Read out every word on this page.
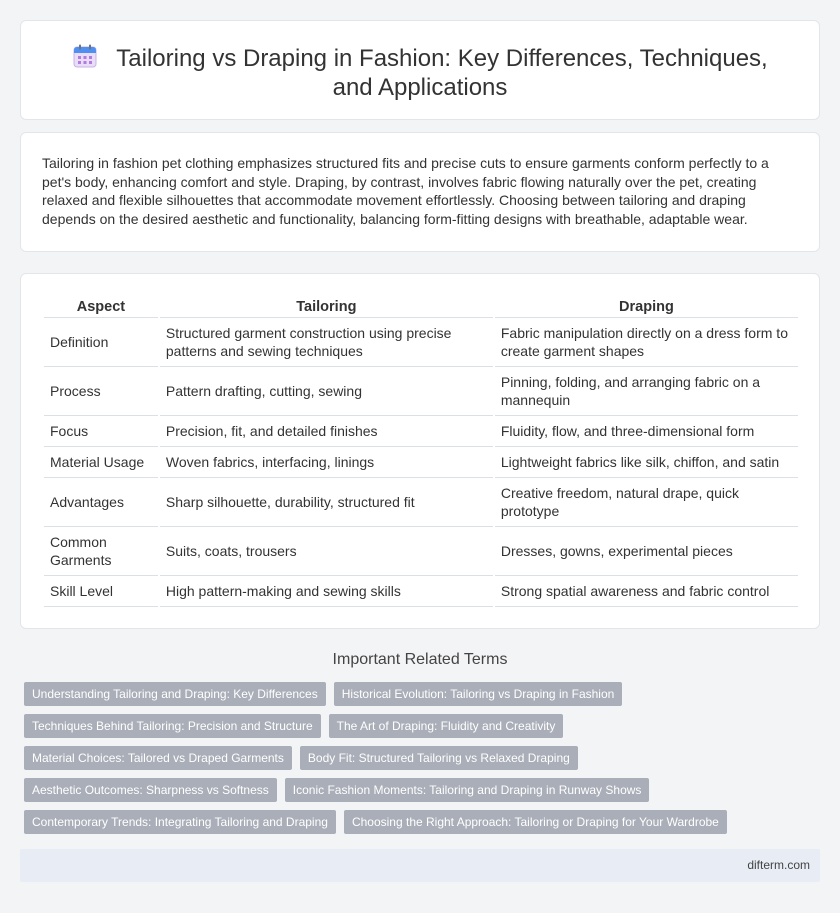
Tailoring vs Draping in Fashion: Key Differences, Techniques, and Applications

Tailoring in fashion pet clothing emphasizes structured fits and precise cuts to ensure garments conform perfectly to a pet's body, enhancing comfort and style. Draping, by contrast, involves fabric flowing naturally over the pet, creating relaxed and flexible silhouettes that accommodate movement effortlessly. Choosing between tailoring and draping depends on the desired aesthetic and functionality, balancing form-fitting designs with breathable, adaptable wear.

Aspect	Tailoring	Draping
Definition	Structured garment construction using precise patterns and sewing techniques	Fabric manipulation directly on a dress form to create garment shapes
Process	Pattern drafting, cutting, sewing	Pinning, folding, and arranging fabric on a mannequin
Focus	Precision, fit, and detailed finishes	Fluidity, flow, and three-dimensional form
Material Usage	Woven fabrics, interfacing, linings	Lightweight fabrics like silk, chiffon, and satin
Advantages	Sharp silhouette, durability, structured fit	Creative freedom, natural drape, quick prototype
Common Garments	Suits, coats, trousers	Dresses, gowns, experimental pieces
Skill Level	High pattern-making and sewing skills	Strong spatial awareness and fabric control
Important Related Terms
Understanding Tailoring and Draping: Key Differences	Historical Evolution: Tailoring vs Draping in Fashion
Techniques Behind Tailoring: Precision and Structure	The Art of Draping: Fluidity and Creativity
Material Choices: Tailored vs Draped Garments	Body Fit: Structured Tailoring vs Relaxed Draping
Aesthetic Outcomes: Sharpness vs Softness	Iconic Fashion Moments: Tailoring and Draping in Runway Shows
Contemporary Trends: Integrating Tailoring and Draping	Choosing the Right Approach: Tailoring or Draping for Your Wardrobe
difterm.com
